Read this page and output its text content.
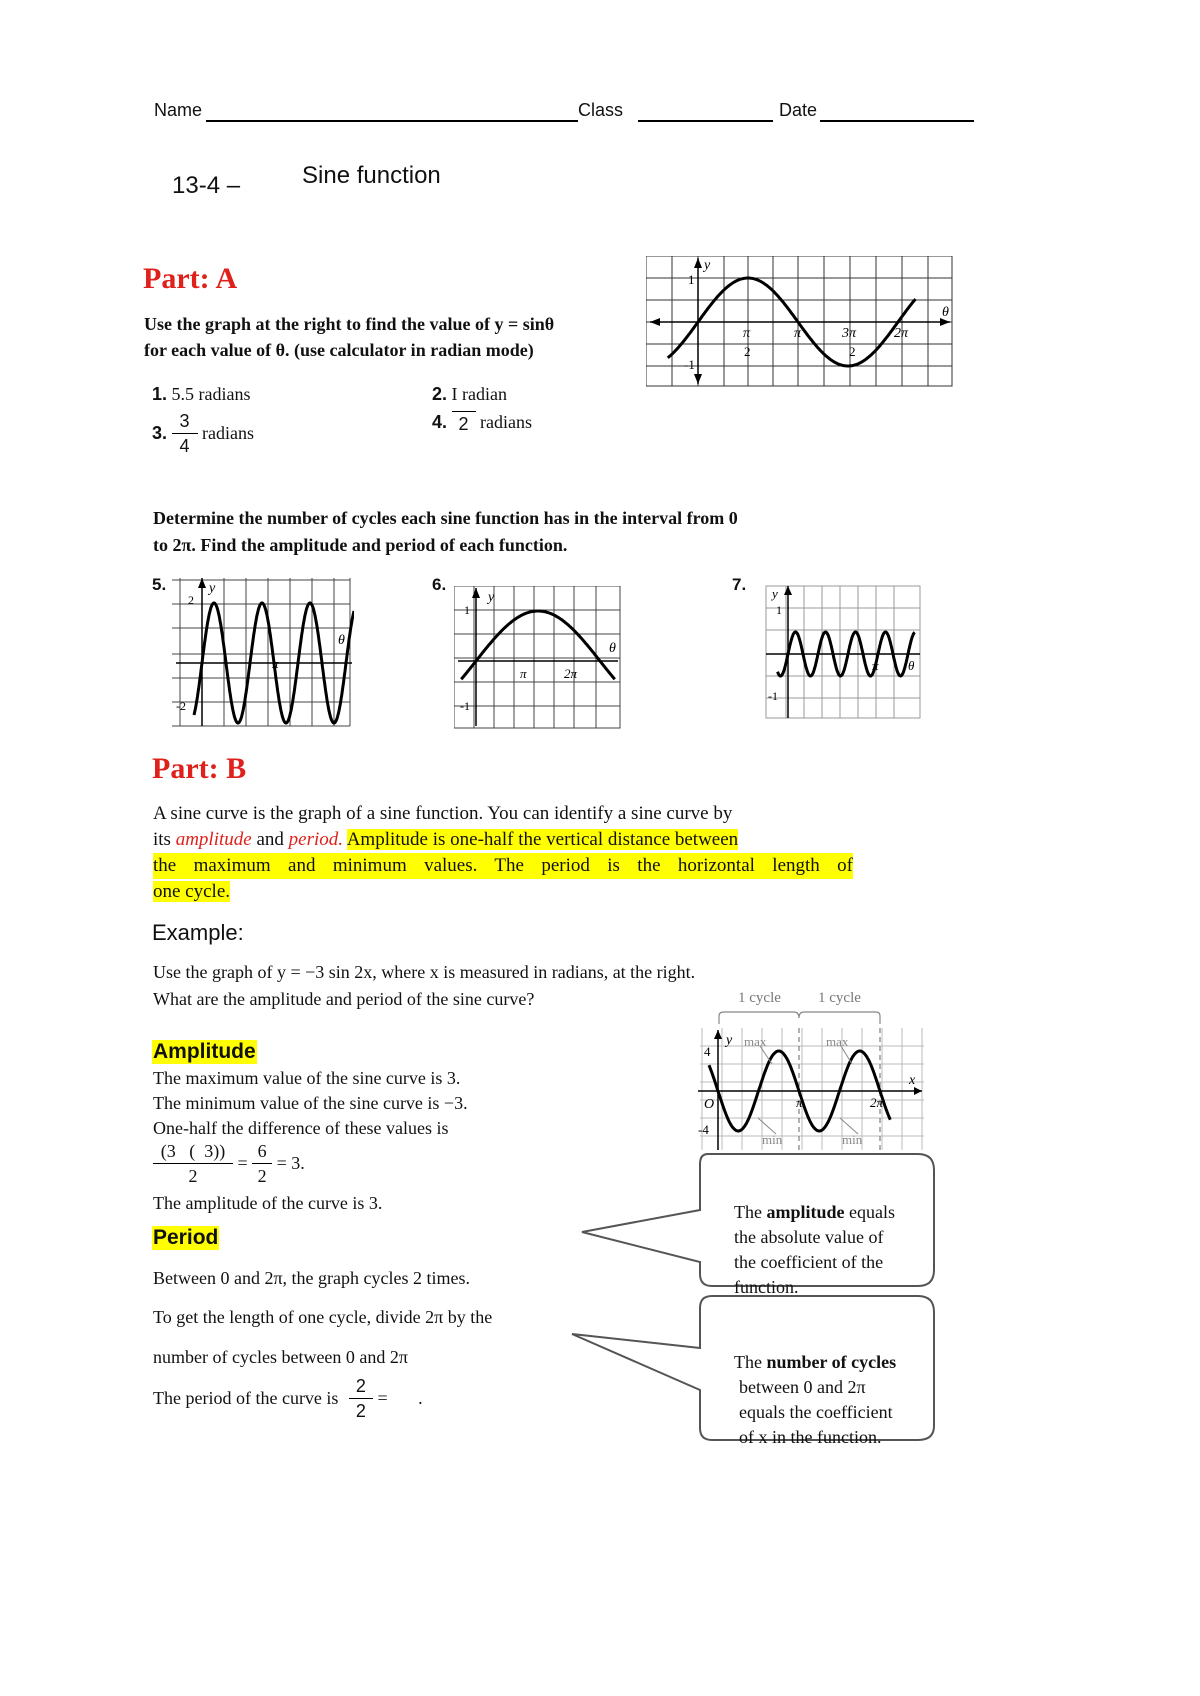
Name	Class	Date
13-4 –	Sine function
Part: A
Use the graph at the right to find the value of y = sinθ
for each value of θ. (use calculator in radian mode)
1. 5.5 radians	2. I radian
3. $\frac{3}{4}$ radians
4. 2 radians
y
1
-1
θ
π
2
π	3π
2
2π
Determine the number of cycles each sine function has in the interval from 0
to 2π. Find the amplitude and period of each function.
5.	y
2
-2
θ
π
6.
y
1
-1
θ
π	2π
7. y
1
-1
θ
π
Part: B
A sine curve is the graph of a sine function. You can identify a sine curve by
its amplitude and period. Amplitude is one-half the vertical distance between
the maximum and minimum values. The period is the horizontal length of
one cycle.
Example:
Use the graph of y = −3 sin 2x, where x is measured in radians, at the right.
What are the amplitude and period of the sine curve?
Amplitude
The maximum value of the sine curve is 3.
The minimum value of the sine curve is −3.
One-half the difference of these values is
$\frac{(3 ( 3))}{2} = \frac{6}{2} = 3$.
The amplitude of the curve is 3.
Period
Between 0 and 2π, the graph cycles 2 times.
To get the length of one cycle, divide 2π by the
number of cycles between 0 and 2π
The period of the curve is $\frac{2}{2}$ = .
1 cycle 1 cycle
max	max
min	min
y
4
-4
O
x
π	2π
The amplitude equals
the absolute value of
the coefficient of the
function.
The number of cycles
between 0 and 2π
equals the coefficient
of x in the function.
